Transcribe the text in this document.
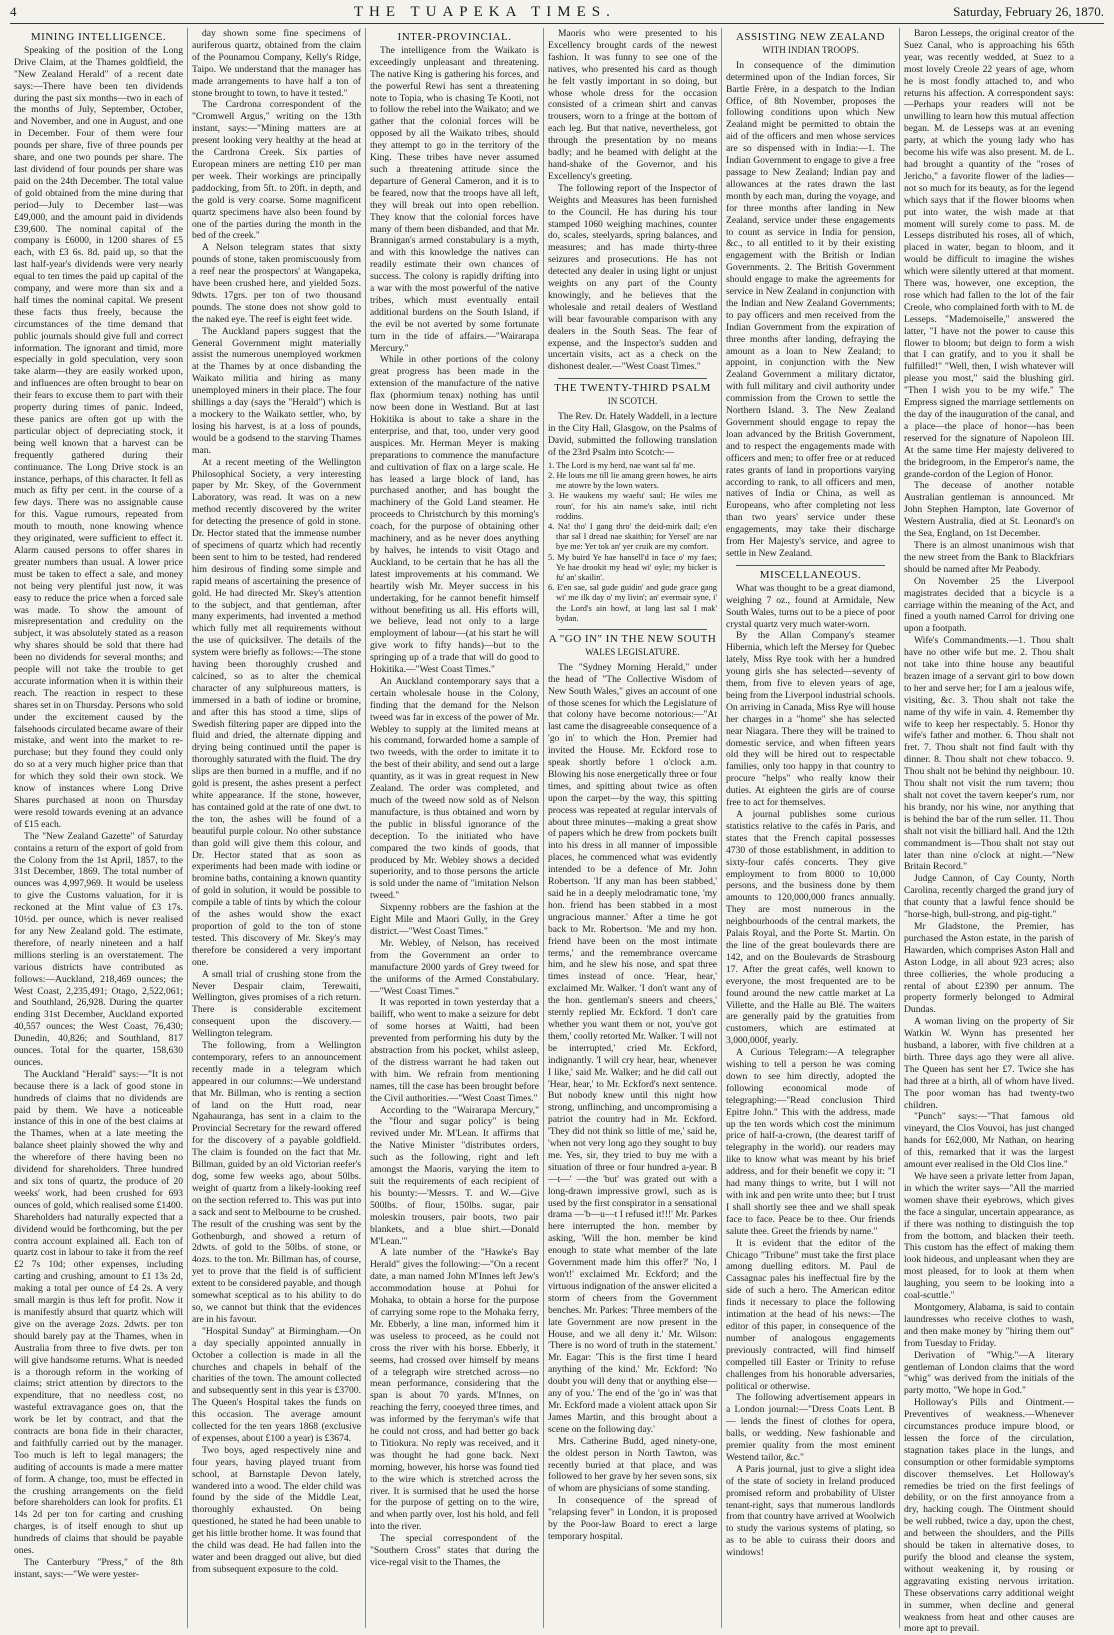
4	THE TUAPEKA TIMES.	Saturday, February 26, 1870.
MINING INTELLIGENCE.

Speaking of the position of the Long Drive Claim, at the Thames goldfield, the "New Zealand Herald" of a recent date says:—There have been ten dividends during the past six months—two in each of the months of July, September, October, and November, and one in August, and one in December. Four of them were four pounds per share, five of three pounds per share, and one two pounds per share. The last dividend of four pounds per share was paid on the 24th December. The total value of gold obtained from the mine during that period—July to December last—was £49,000, and the amount paid in dividends £39,600. The nominal capital of the company is £6000, in 1200 shares of £5 each, with £3 6s. 8d. paid up, so that the last half-year's dividends were very nearly equal to ten times the paid up capital of the company, and were more than six and a half times the nominal capital. We present these facts thus freely, because the circumstances of the time demand that public journals should give full and correct information. The ignorant and timid, more especially in gold speculation, very soon take alarm—they are easily worked upon, and influences are often brought to bear on their fears to excuse them to part with their property during times of panic. Indeed, these panics are often got up with the particular object of depreciating stock, it being well known that a harvest can be frequently gathered during their continuance. The Long Drive stock is an instance, perhaps, of this character. It fell as much as fifty per cent. in the course of a few days. There was no assignable cause for this. Vague rumours, repeated from mouth to mouth, none knowing whence they originated, were sufficient to effect it. Alarm caused persons to offer shares in greater numbers than usual. A lower price must be taken to effect a sale, and money not being very plentiful just now, it was easy to reduce the price when a forced sale was made. To show the amount of misrepresentation and credulity on the subject, it was absolutely stated as a reason why shares should be sold that there had been no dividends for several months; and people will not take the trouble to get accurate information when it is within their reach. The reaction in respect to these shares set in on Thursday. Persons who sold under the excitement caused by the falsehoods circulated became aware of their mistake, and went into the market to re-purchase; but they found they could only do so at a very much higher price than that for which they sold their own stock. We know of instances where Long Drive Shares purchased at noon on Thursday were resold towards evening at an advance of £15 each.

The "New Zealand Gazette" of Saturday contains a return of the export of gold from the Colony from the 1st April, 1857, to the 31st December, 1869. The total number of ounces was 4,997,969. It would be useless to give the Customs valuation, for it is reckoned at the Mint value of £3 17s. 10½d. per ounce, which is never realised for any New Zealand gold. The estimate, therefore, of nearly nineteen and a half millions sterling is an overstatement. The various districts have contributed as follows:—Auckland, 218,469 ounces; the West Coast, 2,235,491; Otago, 2,522,061; and Southland, 26,928. During the quarter ending 31st December, Auckland exported 40,557 ounces; the West Coast, 76,430; Dunedin, 40,826; and Southland, 817 ounces. Total for the quarter, 158,630 ounces.

The Auckland "Herald" says:—"It is not because there is a lack of good stone in hundreds of claims that no dividends are paid by them. We have a noticeable instance of this in one of the best claims at the Thames, when at a late meeting the balance sheet plainly showed the why and the wherefore of there having been no dividend for shareholders. Three hundred and six tons of quartz, the produce of 20 weeks' work, had been crushed for 693 ounces of gold, which realised some £1400. Shareholders had naturally expected that a dividend would be forthcoming, but the per contra account explained all. Each ton of quartz cost in labour to take it from the reef £2 7s 10d; other expenses, including carting and crushing, amount to £1 13s 2d, making a total per ounce of £4 2s. A very small margin is thus left for profit. Now it is manifestly absurd that quartz which will give on the average 2ozs. 2dwts. per ton should barely pay at the Thames, when in Australia from three to five dwts. per ton will give handsome returns. What is needed is a thorough reform in the working of claims; strict attention by directors to the expenditure, that no needless cost, no wasteful extravagance goes on, that the work be let by contract, and that the contracts are bona fide in their character, and faithfully carried out by the manager. Too much is left to legal managers; the auditing of accounts is made a mere matter of form. A change, too, must be effected in the crushing arrangements on the field before shareholders can look for profits. £1 14s 2d per ton for carting and crushing charges, is of itself enough to shut up hundreds of claims that should be payable ones.

The Canterbury "Press," of the 8th instant, says:—"We were yester-

day shown some fine specimens of auriferous quartz, obtained from the claim of the Pounamou Company, Kelly's Ridge, Taipo. We understand that the manager has made arrangements to have half a ton of stone brought to town, to have it tested."

The Cardrona correspondent of the "Cromwell Argus," writing on the 13th instant, says:—"Mining matters are at present looking very healthy at the head at the Cardrona Creek. Six parties of European miners are netting £10 per man per week. Their workings are principally paddocking, from 5ft. to 20ft. in depth, and the gold is very coarse. Some magnificent quartz specimens have also been found by one of the parties during the month in the bed of the creek."

A Nelson telegram states that sixty pounds of stone, taken promiscuously from a reef near the prospectors' at Wangapeka, have been crushed here, and yielded 5ozs. 9dwts. 17grs. per ton of two thousand pounds. The stone does not show gold to the naked eye. The reef is eight feet wide.

The Auckland papers suggest that the General Government might materially assist the numerous unemployed workmen at the Thames by at once disbanding the Waikato militia and hiring as many unemployed miners in their place. The four shillings a day (says the "Herald") which is a mockery to the Waikato settler, who, by losing his harvest, is at a loss of pounds, would be a godsend to the starving Thames man.

At a recent meeting of the Wellington Philosophical Society, a very interesting paper by Mr. Skey, of the Government Laboratory, was read. It was on a new method recently discovered by the writer for detecting the presence of gold in stone. Dr. Hector stated that the immense number of specimens of quartz which had recently been sent to him to be tested, had rendered him desirous of finding some simple and rapid means of ascertaining the presence of gold. He had directed Mr. Skey's attention to the subject, and that gentleman, after many experiments, had invented a method which fully met all requirements without the use of quicksilver. The details of the system were briefly as follows:—The stone having been thoroughly crushed and calcined, so as to alter the chemical character of any sulphureous matters, is immersed in a bath of iodine or bromine, and after this has stood a time, slips of Swedish filtering paper are dipped into the fluid and dried, the alternate dipping and drying being continued until the paper is thoroughly saturated with the fluid. The dry slips are then burned in a muffle, and if no gold is present, the ashes present a perfect white appearance. If the stone, however, has contained gold at the rate of one dwt. to the ton, the ashes will be found of a beautiful purple colour. No other substance than gold will give them this colour, and Dr. Hector stated that as soon as experiments had been made with iodine or bromine baths, containing a known quantity of gold in solution, it would be possible to compile a table of tints by which the colour of the ashes would show the exact proportion of gold to the ton of stone tested. This discovery of Mr. Skey's may therefore be considered a very important one.

A small trial of crushing stone from the Never Despair claim, Terewaiti, Wellington, gives promises of a rich return. There is considerable excitement consequent upon the discovery.—Wellington telegram.

The following, from a Wellington contemporary, refers to an announcement recently made in a telegram which appeared in our columns:—We understand that Mr. Billman, who is renting a section of land on the Hutt road, near Ngahauranga, has sent in a claim to the Provincial Secretary for the reward offered for the discovery of a payable goldfield. The claim is founded on the fact that Mr. Billman, guided by an old Victorian reefer's dog, some few weeks ago, about 50lbs. weight of quartz from a likely-looking reef on the section referred to. This was put into a sack and sent to Melbourne to be crushed. The result of the crushing was sent by the Gothenburgh, and showed a return of 2dwts. of gold to the 50lbs. of stone, or 4ozs. to the ton. Mr. Billman has, of course, yet to prove that the field is of sufficient extent to be considered payable, and though somewhat sceptical as to his ability to do so, we cannot but think that the evidences are in his favour.

"Hospital Sunday" at Birmingham.—On a day specially appointed annually in October a collection is made in all the churches and chapels in behalf of the charities of the town. The amount collected and subsequently sent in this year is £3700. The Queen's Hospital takes the funds on this occasion. The average amount collected for the ten years 1868 (exclusive of expenses, about £100 a year) is £3674.

Two boys, aged respectively nine and four years, having played truant from school, at Barnstaple Devon lately, wandered into a wood. The elder child was found by the side of the Middle Leat, thoroughly exhausted. On being questioned, he stated he had been unable to get his little brother home. It was found that the child was dead. He had fallen into the water and been dragged out alive, but died from subsequent exposure to the cold.

INTER-PROVINCIAL.

The intelligence from the Waikato is exceedingly unpleasant and threatening. The native King is gathering his forces, and the powerful Rewi has sent a threatening note to Topia, who is chasing Te Kooti, not to follow the rebel into the Waikato; and we gather that the colonial forces will be opposed by all the Waikato tribes, should they attempt to go in the territory of the King. These tribes have never assumed such a threatening attitude since the departure of General Cameron, and it is to be feared, now that the troops have all left, they will break out into open rebellion. They know that the colonial forces have many of them been disbanded, and that Mr. Brannigan's armed constabulary is a myth, and with this knowledge the natives can readily estimate their own chances of success. The colony is rapidly drifting into a war with the most powerful of the native tribes, which must eventually entail additional burdens on the South Island, if the evil be not averted by some fortunate turn in the tide of affairs.—"Wairarapa Mercury."

While in other portions of the colony great progress has been made in the extension of the manufacture of the native flax (phormium tenax) nothing has until now been done in Westland. But at last Hokitika is about to take a share in the enterprise, and that, too, under very good auspices. Mr. Herman Meyer is making preparations to commence the manufacture and cultivation of flax on a large scale. He has leased a large block of land, has purchased another, and has bought the machinery of the Gold Land steamer. He proceeds to Christchurch by this morning's coach, for the purpose of obtaining other machinery, and as he never does anything by halves, he intends to visit Otago and Auckland, to be certain that he has all the latest improvements at his command. We heartily wish Mr. Meyer success in his undertaking, for he cannot benefit himself without benefiting us all. His efforts will, we believe, lead not only to a large employment of labour—(at his start he will give work to fifty hands)—but to the springing up of a trade that will do good to Hokitika.—"West Coast Times."

An Auckland contemporary says that a certain wholesale house in the Colony, finding that the demand for the Nelson tweed was far in excess of the power of Mr. Webley to supply at the limited means at his command, forwarded home a sample of two tweeds, with the order to imitate it to the best of their ability, and send out a large quantity, as it was in great request in New Zealand. The order was completed, and much of the tweed now sold as of Nelson manufacture, is thus obtained and worn by the public in blissful ignorance of the deception. To the initiated who have compared the two kinds of goods, that produced by Mr. Webley shows a decided superiority, and to those persons the article is sold under the name of "imitation Nelson tweed."

Sixpenny robbers are the fashion at the Eight Mile and Maori Gully, in the Grey district.—"West Coast Times."

Mr. Webley, of Nelson, has received from the Government an order to manufacture 2000 yards of Grey tweed for the uniforms of the Armed Constabulary.—"West Coast Times."

It was reported in town yesterday that a bailiff, who went to make a seizure for debt of some horses at Waitti, had been prevented from performing his duty by the abstraction from his pocket, whilst asleep, of the distress warrant he had taken out with him. We refrain from mentioning names, till the case has been brought before the Civil authorities.—"West Coast Times."

According to the "Wairarapa Mercury," the "flour and sugar policy" is being revived under Mr. M'Lean. It affirms that the Native Minister "distributes orders, such as the following, right and left amongst the Maoris, varying the item to suit the requirements of each recipient of his bounty:—'Messrs. T. and W.—Give 500lbs. of flour, 150lbs. sugar, pair moleskin trousers, pair boots, two pair blankets, and a blue shirt.—Donald M'Lean.'"

A late number of the "Hawke's Bay Herald" gives the following:—"On a recent date, a man named John M'Innes left Jew's accommodation house at Pohui for Mohaka, to obtain a horse for the purpose of carrying some rope to the Mohaka ferry, Mr. Ebberly, a line man, informed him it was useless to proceed, as he could not cross the river with his horse. Ebberly, it seems, had crossed over himself by means of a telegraph wire stretched across—no mean performance, considering that the span is about 70 yards. M'Innes, on reaching the ferry, cooeyed three times, and was informed by the ferryman's wife that he could not cross, and had better go back to Titiokura. No reply was received, and it was thought he had gone back. Next morning, however, his horse was found tied to the wire which is stretched across the river. It is surmised that he used the horse for the purpose of getting on to the wire, and when partly over, lost his hold, and fell into the river.

The special correspondent of the "Southern Cross" states that during the vice-regal visit to the Thames, the

Maoris who were presented to his Excellency brought cards of the newest fashion. It was funny to see one of the natives, who presented his card as though he felt vastly important in so doing, but whose whole dress for the occasion consisted of a crimean shirt and canvas trousers, worn to a fringe at the bottom of each leg. But that native, nevertheless, got through the presentation by no means badly; and he beamed with delight at the hand-shake of the Governor, and his Excellency's greeting.

The following report of the Inspector of Weights and Measures has been furnished to the Council. He has during his tour stamped 1060 weighing machines, counter do, scales, steelyards, spring balances, and measures; and has made thirty-three seizures and prosecutions. He has not detected any dealer in using light or unjust weights on any part of the County knowingly, and he believes that the wholesale and retail dealers of Westland will bear favourable comparison with any dealers in the South Seas. The fear of expense, and the Inspector's sudden and uncertain visits, act as a check on the dishonest dealer.—"West Coast Times."

THE TWENTY-THIRD PSALM
IN SCOTCH.

The Rev. Dr. Hately Waddell, in a lecture in the City Hall, Glasgow, on the Psalms of David, submitted the following translation of the 23rd Psalm into Scotch:—

1. The Lord is my herd, nae want sal fa' me.

2. He louts me till lie amang green howes, he airts me atowre by the lown waters.

3. He waukens my waefu' saul; He wiles me roun', for his ain name's sake, intil richt roddins.

4. Na! tho' I gang thro' the deid-mirk dail; e'en thar sal I dread nae skaithin; for Yersel' are nar bye me: Yer tok an' yer cruik are my comfort.

5. My buird Ye hae hansell'd in face o' my faes; Ye hae drookit my head wi' oyle; my bicker is fu' an' skailin'.

6. E'en sae, sal gude guidin' and gude grace gang wi' me ilk day o' my livin'; an' evermair syne, i' the Lord's ain howf, at lang last sal I mak' bydan.

A "GO IN" IN THE NEW SOUTH
WALES LEGISLATURE.

The "Sydney Morning Herald," under the head of "The Collective Wisdom of New South Wales," gives an account of one of those scenes for which the Legislature of that colony have become notorious:—"At last came the disagreeable consequence of a 'go in' to which the Hon. Premier had invited the House. Mr. Eckford rose to speak shortly before 1 o'clock a.m. Blowing his nose energetically three or four times, and spitting about twice as often upon the carpet—by the way, this spitting process was repeated at regular intervals of about three minutes—making a great show of papers which he drew from pockets built into his dress in all manner of impossible places, he commenced what was evidently intended to be a defence of Mr. John Robertson. 'If any man has been stabbed,' said he in a deeply melodramatic tone, 'my hon. friend has been stabbed in a most ungracious manner.' After a time he got back to Mr. Robertson. 'Me and my hon. friend have been on the most intimate terms,' and the remembrance overcame him, and he slew his nose, and spat three times instead of once. 'Hear, hear,' exclaimed Mr. Walker. 'I don't want any of the hon. gentleman's sneers and cheers,' sternly replied Mr. Eckford. 'I don't care whether you want them or not, you've got them,' coolly retorted Mr. Walker. 'I will not be interrupted,' cried Mr. Eckford, indignantly. 'I will cry hear, hear, whenever I like,' said Mr. Walker; and he did call out 'Hear, hear,' to Mr. Eckford's next sentence. But nobody knew until this night how strong, unflinching, and uncompromising a patriot the country had in Mr. Eckford. 'They did not think so little of me,' said he, 'when not very long ago they sought to buy me. Yes, sir, they tried to buy me with a situation of three or four hundred a-year. B—t—' —the 'but' was grated out with a long-drawn impressive growl, such as is used by the first conspirator in a sensational drama —'b—u—t I refused it!!!' Mr. Parkes here interrupted the hon. member by asking, 'Will the hon. member be kind enough to state what member of the late Government made him this offer?' 'No, I won't!' exclaimed Mr. Eckford; and the virtuous indignation of the answer elicited a storm of cheers from the Government benches. Mr. Parkes: 'Three members of the late Government are now present in the House, and we all deny it.' Mr. Wilson: 'There is no word of truth in the statement.' Mr. Eagar: 'This is the first time I heard anything of the kind.' Mr. Eckford: 'No doubt you will deny that or anything else—any of you.' The end of the 'go in' was that Mr. Eckford made a violent attack upon Sir James Martin, and this brought about a scene on the following day.'

Mrs. Catherine Budd, aged ninety-one, the oldest person in North Tawton, was recently buried at that place, and was followed to her grave by her seven sons, six of whom are physicians of some standing.

In consequence of the spread of "relapsing fever" in London, it is proposed by the Poor-law Board to erect a large temporary hospital.

ASSISTING NEW ZEALAND
WITH INDIAN TROOPS.

In consequence of the diminution determined upon of the Indian forces, Sir Bartle Frère, in a despatch to the Indian Office, of 8th November, proposes the following conditions upon which New Zealand might be permitted to obtain the aid of the officers and men whose services are so dispensed with in India:—1. The Indian Government to engage to give a free passage to New Zealand; Indian pay and allowances at the rates drawn the last month by each man, during the voyage, and for three months after landing in New Zealand, service under these engagements to count as service in India for pension, &c., to all entitled to it by their existing engagement with the British or Indian Governments. 2. The British Government should engage to make the agreements for service in New Zealand in conjunction with the Indian and New Zealand Governments; to pay officers and men received from the Indian Government from the expiration of three months after landing, defraying the amount as a loan to New Zealand; to appoint, in conjunction with the New Zealand Government a military dictator, with full military and civil authority under commission from the Crown to settle the Northern Island. 3. The New Zealand Government should engage to repay the loan advanced by the British Government, and to respect the engagements made with officers and men; to offer free or at reduced rates grants of land in proportions varying according to rank, to all officers and men, natives of India or China, as well as Europeans, who after completing not less than two years' service under these engagements, may take their discharge from Her Majesty's service, and agree to settle in New Zealand.

MISCELLANEOUS.

What was thought to be a great diamond, weighing 7 oz., found at Armidale, New South Wales, turns out to be a piece of poor crystal quartz very much water-worn.

By the Allan Company's steamer Hibernia, which left the Mersey for Quebec lately, Miss Rye took with her a hundred young girls she has selected—seventy of them, from five to eleven years of age, being from the Liverpool industrial schools. On arriving in Canada, Miss Rye will house her charges in a "home" she has selected near Niagara. There they will be trained to domestic service, and when fifteen years old they will be hired out to respectable families, only too happy in that country to procure "helps" who really know their duties. At eighteen the girls are of course free to act for themselves.

A journal publishes some curious statistics relative to the cafés in Paris, and states that the French capital possesses 4730 of those establishment, in addition to sixty-four cafés concerts. They give employment to from 8000 to 10,000 persons, and the business done by them amounts to 120,000,000 francs annually. They are most numerous in the neighbourhoods of the central markets, the Palais Royal, and the Porte St. Martin. On the line of the great boulevards there are 142, and on the Boulevards de Strasbourg 17. After the great cafés, well known to everyone, the most frequented are to be found around the new cattle market at La Villette, and the Halle au Blé. The waiters are generally paid by the gratuities from customers, which are estimated at 3,000,000f, yearly.

A Curious Telegram:—A telegrapher wishing to tell a person he was coming down to see him directly, adopted the following economical mode of telegraphing:—"Read conclusion Third Epitre John." This with the address, made up the ten words which cost the minimum price of half-a-crown, (the dearest tariff of telegraphy in the world). our readers may like to know what was meant by his brief address, and for their benefit we copy it: "I had many things to write, but I will not with ink and pen write unto thee; but I trust I shall shortly see thee and we shall speak face to face. Peace be to thee. Our friends salute thee. Greet the friends by name."

It is evident that the editor of the Chicago "Tribune" must take the first place among duelling editors. M. Paul de Cassagnac pales his ineffectual fire by the side of such a hero. The American editor finds it necessary to place the following intimation at the head of his news:—The editor of this paper, in consequence of the number of analogous engagements previously contracted, will find himself compelled till Easter or Trinity to refuse challenges from his honorable adversaries, political or otherwise.

The following advertisement appears in a London journal:—"Dress Coats Lent. B— lends the finest of clothes for opera, balls, or wedding. New fashionable and premier quality from the most eminent Westend tailor, &c."

A Paris journal, just to give a slight idea of the state of society in Ireland produced promised reform and probability of Ulster tenant-right, says that numerous landlords from that country have arrived at Woolwich to study the various systems of plating, so as to be able to cuirass their doors and windows!

Baron Lesseps, the original creator of the Suez Canal, who is approaching his 65th year, was recently wedded, at Suez to a most lovely Creole 22 years of age, whom he is most fondly attached to, and who returns his affection. A correspondent says:—Perhaps your readers will not be unwilling to learn how this mutual affection began. M. de Lesseps was at an evening party, at which the young lady who has become his wife was also present. M. de L. had brought a quantity of the "roses of Jericho," a favorite flower of the ladies—not so much for its beauty, as for the legend which says that if the flower blooms when put into water, the wish made at that moment will surely come to pass. M. de Lesseps distributed his roses, all of which, placed in water, began to bloom, and it would be difficult to imagine the wishes which were silently uttered at that moment. There was, however, one exception, the rose which had fallen to the lot of the fair Creole, who complained forth with to M. de Lesseps. "Mademoiselle," answered the latter, "I have not the power to cause this flower to bloom; but deign to form a wish that I can gratify, and to you it shall be fulfilled!" "Well, then, I wish whatever will please you most," said the blushing girl. "Then I wish you to be my wife." The Empress signed the marriage settlements on the day of the inauguration of the canal, and a place—the place of honor—has been reserved for the signature of Napoleon III. At the same time Her majesty delivered to the bridegroom, in the Emperor's name, the grande-cordon of the Legion of Honor.

The decease of another notable Australian gentleman is announced. Mr John Stephen Hampton, late Governor of Western Australia, died at St. Leonard's on the Sea, England, on 1st December.

There is an almost unanimous wish that the new street from the Bank to Blackfriars should be named after Mr Peabody.

On November 25 the Liverpool magistrates decided that a bicycle is a carriage within the meaning of the Act, and fined a youth named Carrol for driving one upon a footpath.

Wife's Commandments.—1. Thou shalt have no other wife but me. 2. Thou shalt not take into thine house any beautiful brazen image of a servant girl to bow down to her and serve her; for I am a jealous wife, visiting, &c. 3. Thou shalt not take the name of thy wife in vain. 4. Remember thy wife to keep her respectably. 5. Honor thy wife's father and mother. 6. Thou shalt not fret. 7. Thou shalt not find fault with thy dinner. 8. Thou shalt not chew tobacco. 9. Thou shalt not be behind thy neighbour. 10. Thou shalt not visit the rum tavern; thou shalt not covet the tavern keeper's rum, nor his brandy, nor his wine, nor anything that is behind the bar of the rum seller. 11. Thou shalt not visit the billiard hall. And the 12th commandment is—Thou shalt not stay out later than nine o'clock at night.—"New Britain Record."

Judge Cannon, of Cay County, North Carolina, recently charged the grand jury of that county that a lawful fence should be "horse-high, bull-strong, and pig-tight."

Mr Gladstone, the Premier, has purchased the Aston estate, in the parish of Hawarden, which comprises Aston Hall and Aston Lodge, in all about 923 acres; also three collieries, the whole producing a rental of about £2390 per annum. The property formerly belonged to Admiral Dundas.

A woman living on the property of Sir Watkin W. Wynn has presented her husband, a laborer, with five children at a birth. Three days ago they were all alive. The Queen has sent her £7. Twice she has had three at a birth, all of whom have lived. The poor woman has had twenty-two children.

"Punch" says:—"That famous old vineyard, the Clos Vouvoi, has just changed hands for £62,000, Mr Nathan, on hearing of this, remarked that it was the largest amount ever realised in the Old Clos line."

We have seen a private letter from Japan, in which the writer says—"All the married women shave their eyebrows, which gives the face a singular, uncertain appearance, as if there was nothing to distinguish the top from the bottom, and blacken their teeth. This custom has the effect of making them look hideous, and unpleasant when they are most pleased, for to look at them when laughing, you seem to be looking into a coal-scuttle."

Montgomery, Alabama, is said to contain laundresses who receive clothes to wash, and then make money by "hiring them out" from Tuesday to Friday.

Derivation of "Whig."—A literary gentleman of London claims that the word "whig" was derived from the initials of the party motto, "We hope in God."

Holloway's Pills and Ointment.—Preventives of weakness.—Whenever circumstances produce impure blood, or lessen the force of the circulation, stagnation takes place in the lungs, and consumption or other formidable symptoms discover themselves. Let Holloway's remedies be tried on the first feelings of debility, or on the first annoyance from a dry, hacking cough. The Ointment should be well rubbed, twice a day, upon the chest, and between the shoulders, and the Pills should be taken in alternative doses, to purify the blood and cleanse the system, without weakening it, by rousing or aggravating existing nervous irritation. These observations carry additional weight in summer, when decline and general weakness from heat and other causes are more apt to prevail.
